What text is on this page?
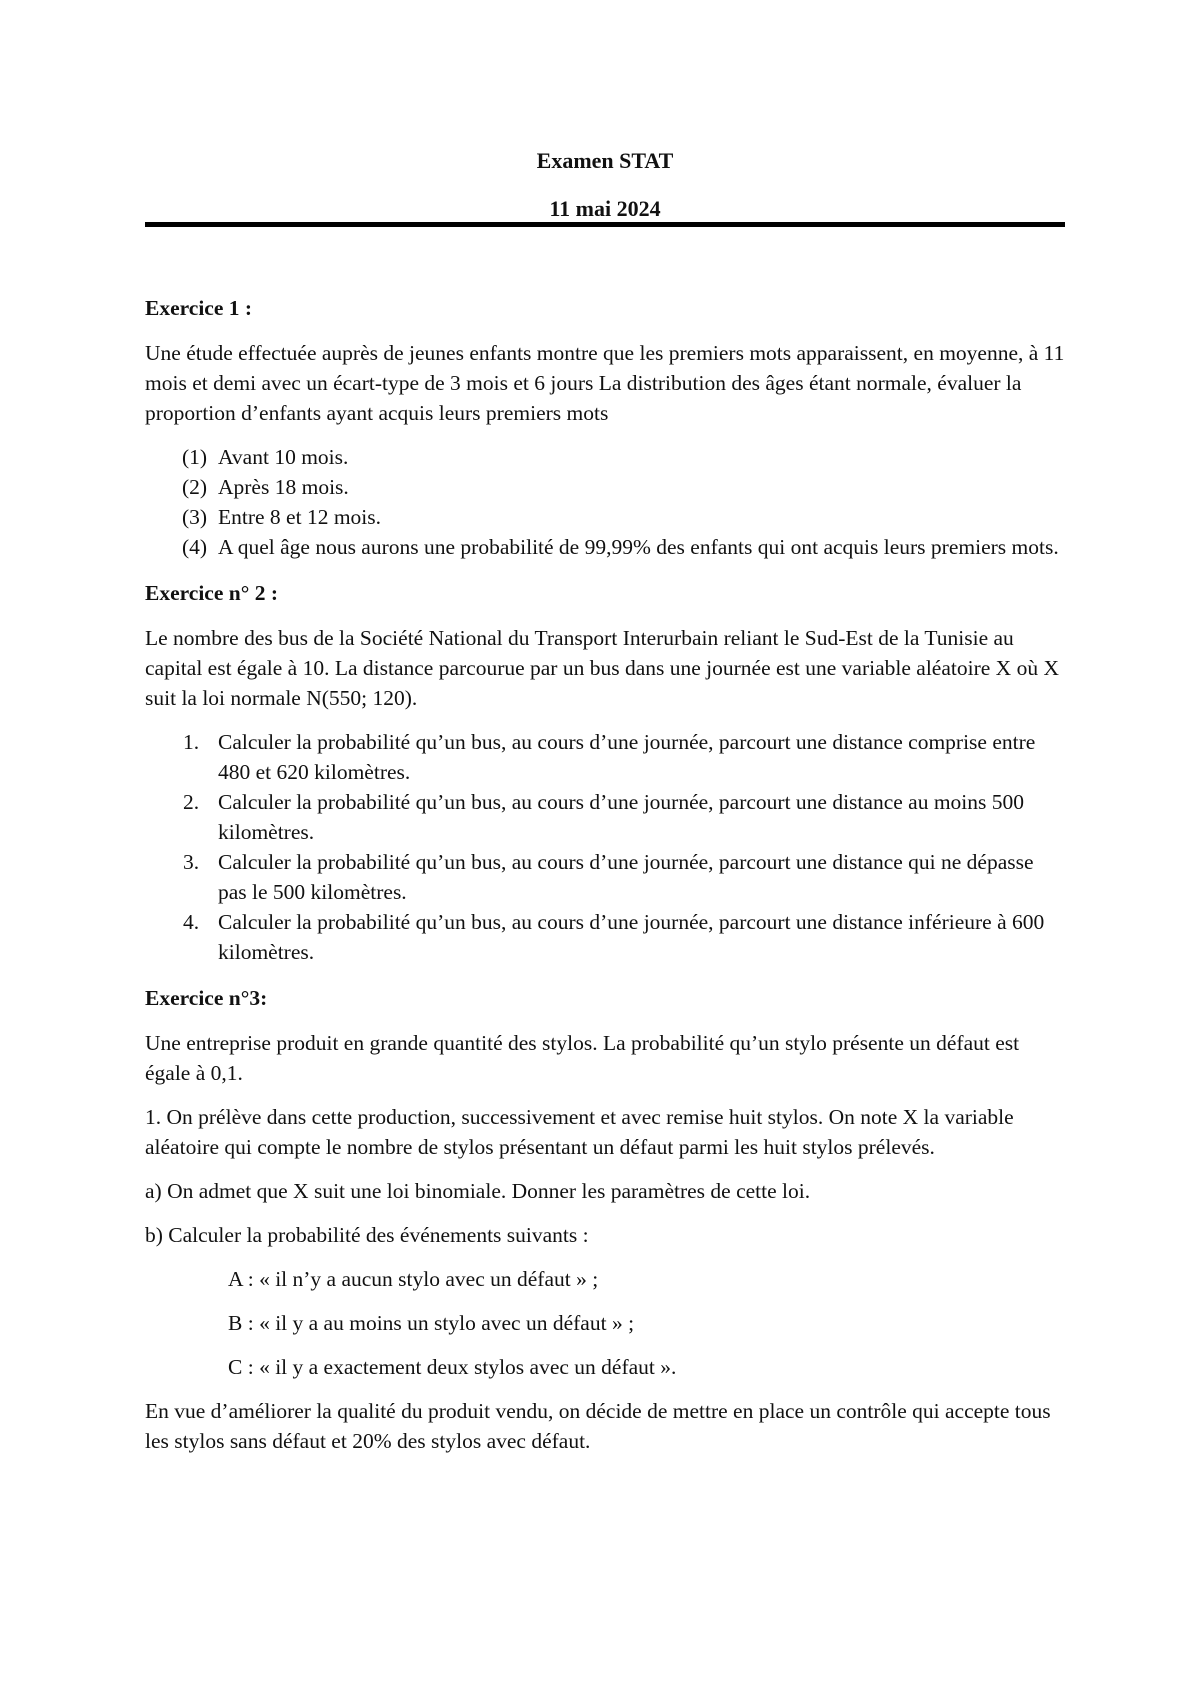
Examen STAT
11 mai 2024
Exercice 1 :

Une étude effectuée auprès de jeunes enfants montre que les premiers mots apparaissent, en moyenne, à 11 mois et demi avec un écart-type de 3 mois et 6 jours La distribution des âges étant normale, évaluer la proportion d’enfants ayant acquis leurs premiers mots

(1) Avant 10 mois.
(2) Après 18 mois.
(3) Entre 8 et 12 mois.
(4) A quel âge nous aurons une probabilité de 99,99% des enfants qui ont acquis leurs premiers mots.
Exercice n° 2 :

Le nombre des bus de la Société National du Transport Interurbain reliant le Sud-Est de la Tunisie au capital est égale à 10. La distance parcourue par un bus dans une journée est une variable aléatoire X où X suit la loi normale N(550; 120).

1. Calculer la probabilité qu’un bus, au cours d’une journée, parcourt une distance comprise entre 480 et 620 kilomètres.
2. Calculer la probabilité qu’un bus, au cours d’une journée, parcourt une distance au moins 500 kilomètres.
3. Calculer la probabilité qu’un bus, au cours d’une journée, parcourt une distance qui ne dépasse pas le 500 kilomètres.
4. Calculer la probabilité qu’un bus, au cours d’une journée, parcourt une distance inférieure à 600 kilomètres.
Exercice n°3:

Une entreprise produit en grande quantité des stylos. La probabilité qu’un stylo présente un défaut est égale à 0,1.

1. On prélève dans cette production, successivement et avec remise huit stylos. On note X la variable aléatoire qui compte le nombre de stylos présentant un défaut parmi les huit stylos prélevés.

a) On admet que X suit une loi binomiale. Donner les paramètres de cette loi.

b) Calculer la probabilité des événements suivants :

A : « il n’y a aucun stylo avec un défaut » ;

B : « il y a au moins un stylo avec un défaut » ;

C : « il y a exactement deux stylos avec un défaut ».

En vue d’améliorer la qualité du produit vendu, on décide de mettre en place un contrôle qui accepte tous les stylos sans défaut et 20% des stylos avec défaut.
